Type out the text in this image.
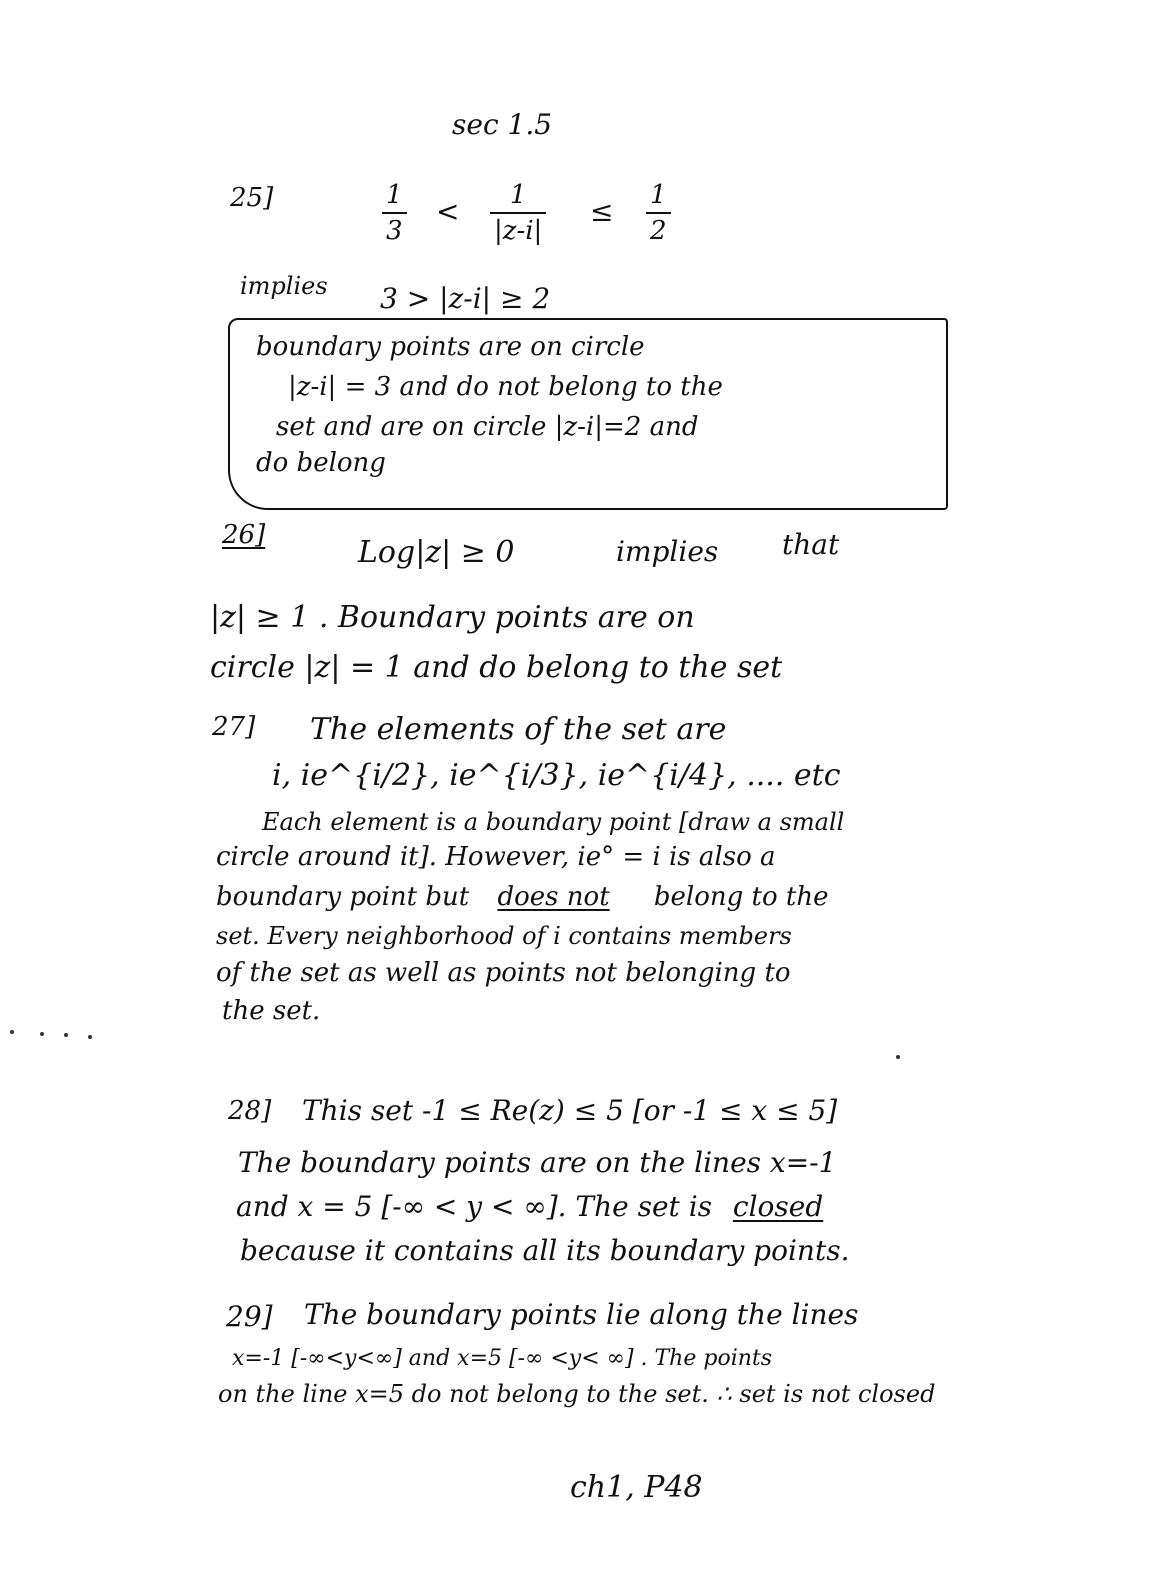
sec 1.5
25]	1
3
<	1
|z-i|
≤ 1
2
implies 3 > |z-i| ≥ 2
boundary points are on circle
|z-i| = 3 and do not belong to the
set and are on circle |z-i|=2 and
do belong
26]	Log|z| ≥ 0	implies that
|z| ≥ 1 . Boundary points are on
circle |z| = 1 and do belong to the set
27] The elements of the set are
i, ie^{i/2}, ie^{i/3}, ie^{i/4}, .... etc
Each element is a boundary point [draw a small
circle around it]. However, ie° = i is also a
boundary point but does not belong to the
set. Every neighborhood of i contains members
of the set as well as points not belonging to
the set.
28] This set -1 ≤ Re(z) ≤ 5 [or -1 ≤ x ≤ 5]
The boundary points are on the lines x=-1
and x = 5 [-∞ < y < ∞]. The set is closed
because it contains all its boundary points.
29] The boundary points lie along the lines
x=-1 [-∞<y<∞] and x=5 [-∞ <y< ∞] . The points
on the line x=5 do not belong to the set. ∴ set is not closed
ch1, P48
